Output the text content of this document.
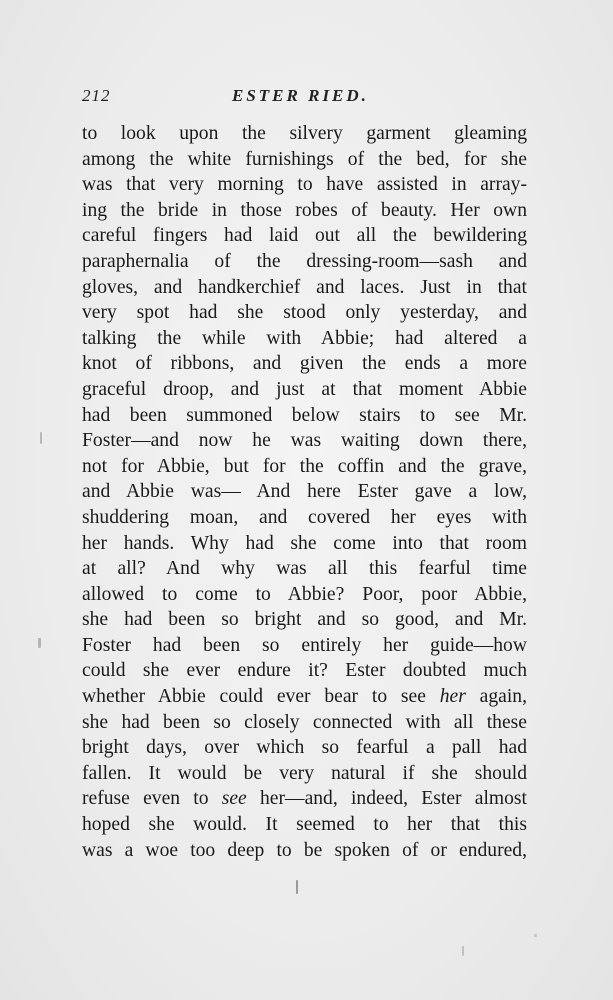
212	ESTER RIED.
to look upon the silvery garment gleaming
among the white furnishings of the bed, for she
was that very morning to have assisted in array-
ing the bride in those robes of beauty. Her own
careful fingers had laid out all the bewildering
paraphernalia of the dressing-room—sash and
gloves, and handkerchief and laces. Just in that
very spot had she stood only yesterday, and
talking the while with Abbie; had altered a
knot of ribbons, and given the ends a more
graceful droop, and just at that moment Abbie
had been summoned below stairs to see Mr.
Foster—and now he was waiting down there,
not for Abbie, but for the coffin and the grave,
and Abbie was— And here Ester gave a low,
shuddering moan, and covered her eyes with
her hands. Why had she come into that room
at all? And why was all this fearful time
allowed to come to Abbie? Poor, poor Abbie,
she had been so bright and so good, and Mr.
Foster had been so entirely her guide—how
could she ever endure it? Ester doubted much
whether Abbie could ever bear to see her again,
she had been so closely connected with all these
bright days, over which so fearful a pall had
fallen. It would be very natural if she should
refuse even to see her—and, indeed, Ester almost
hoped she would. It seemed to her that this
was a woe too deep to be spoken of or endured,
